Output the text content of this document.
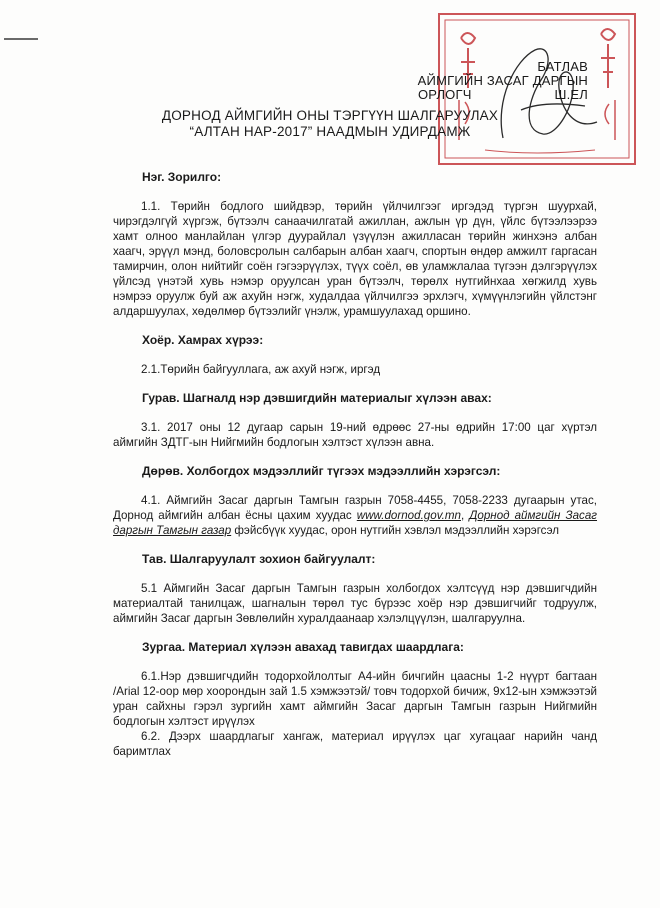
БАТЛАВ
АЙМГИЙН ЗАСАГ ДАРГЫН
ОРЛОГЧ	Ш.ЕЛ
ДОРНОД АЙМГИЙН ОНЫ ТЭРГҮҮН ШАЛГАРУУЛАХ
“АЛТАН НАР-2017” НААДМЫН УДИРДАМЖ
Нэг. Зорилго:
1.1. Төрийн бодлого шийдвэр, төрийн үйлчилгээг иргэдэд түргэн шуурхай, чирэгдэлгүй хүргэж, бүтээлч санаачилгатай ажиллан, ажлын үр дүн, үйлс бүтээлээрээ хамт олноо манлайлан үлгэр дуурайлал үзүүлэн ажилласан төрийн жинхэнэ албан хаагч, эрүүл мэнд, боловсролын салбарын албан хаагч, спортын өндөр амжилт гаргасан тамирчин, олон нийтийг соён гэгээрүүлэх, түүх соёл, өв уламжлалаа түгээн дэлгэрүүлэх үйлсэд үнэтэй хувь нэмэр оруулсан уран бүтээлч, төрөлх нутгийнхаа хөгжилд хувь нэмрээ оруулж буй аж ахуйн нэгж, худалдаа үйлчилгээ эрхлэгч, хүмүүнлэгийн үйлстэнг алдаршуулах, хөдөлмөр бүтээлийг үнэлж, урамшуулахад оршино.
Хоёр. Хамрах хүрээ:
2.1.Төрийн байгууллага, аж ахуй нэгж, иргэд
Гурав. Шагналд нэр дэвшигдийн материалыг хүлээн авах:
3.1. 2017 оны 12 дугаар сарын 19-ний өдрөөс 27-ны өдрийн 17:00 цаг хүртэл аймгийн ЗДТГ-ын Нийгмийн бодлогын хэлтэст хүлээн авна.
Дөрөв. Холбогдох мэдээллийг түгээх мэдээллийн хэрэгсэл:
4.1. Аймгийн Засаг даргын Тамгын газрын 7058-4455, 7058-2233 дугаарын утас, Дорнод аймгийн албан ёсны цахим хуудас www.dornod.gov.mn, Дорнод аймгийн Засаг даргын Тамгын газар фэйсбүүк хуудас, орон нутгийн хэвлэл мэдээллийн хэрэгсэл
Тав. Шалгаруулалт зохион байгуулалт:
5.1 Аймгийн Засаг даргын Тамгын газрын холбогдох хэлтсүүд нэр дэвшигчдийн материалтай танилцаж, шагналын төрөл тус бүрээс хоёр нэр дэвшигчийг тодруулж, аймгийн Засаг даргын Зөвлөлийн хуралдаанаар хэлэлцүүлэн, шалгаруулна.
Зургаа. Материал хүлээн авахад тавигдах шаардлага:
6.1.Нэр дэвшигчдийн тодорхойлолтыг А4-ийн бичгийн цаасны 1-2 нүүрт багтаан /Arial 12-оор мөр хоорондын зай 1.5 хэмжээтэй/ товч тодорхой бичиж, 9х12-ын хэмжээтэй уран сайхны гэрэл зургийн хамт аймгийн Засаг даргын Тамгын газрын Нийгмийн бодлогын хэлтэст ирүүлэх
6.2. Дээрх шаардлагыг хангаж, материал ирүүлэх цаг хугацааг нарийн чанд баримтлах
